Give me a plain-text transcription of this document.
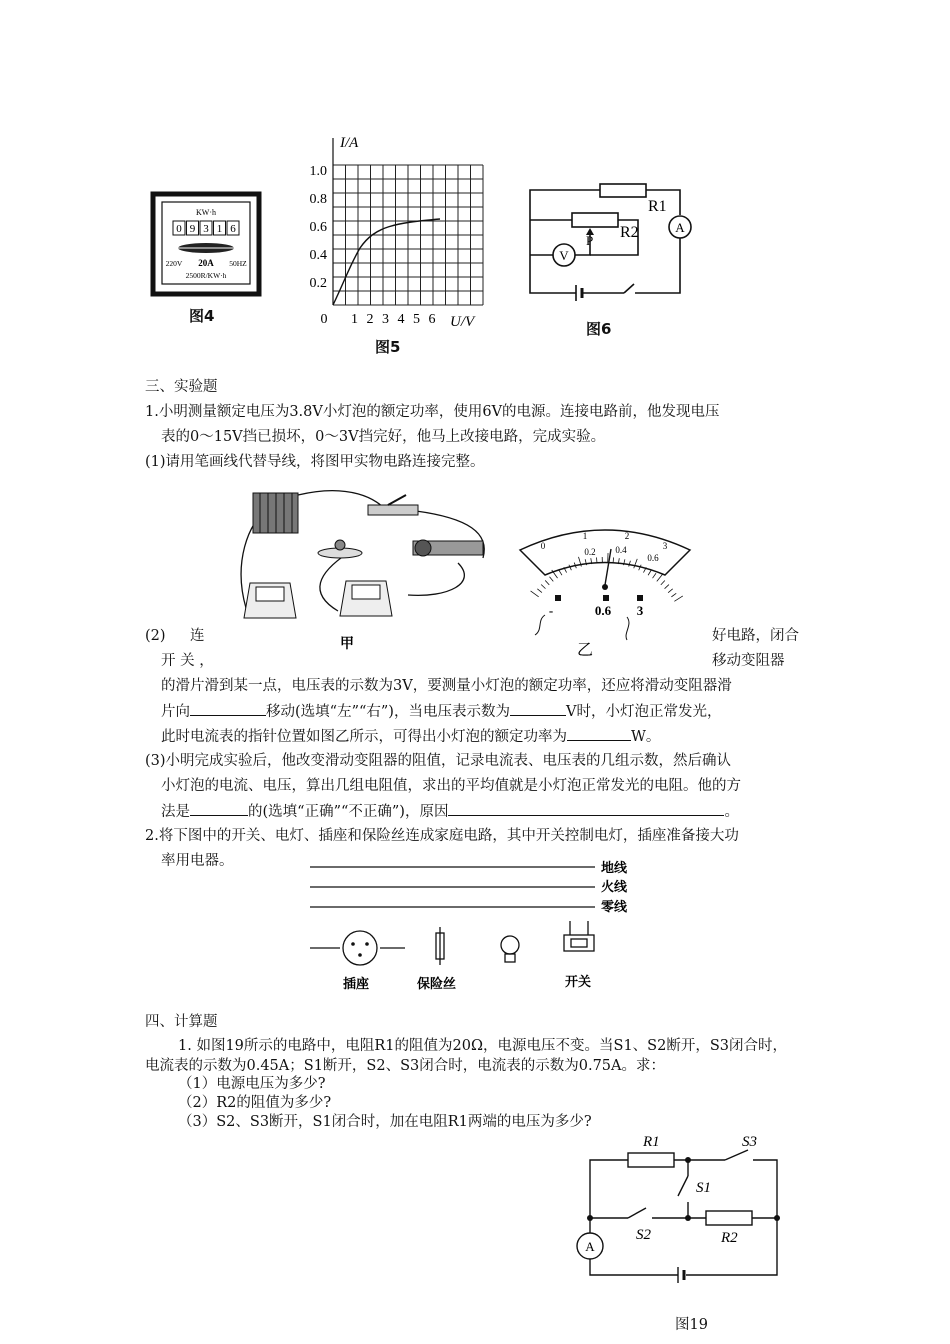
KW·h
0 9 3 1 6
220V 20A 50HZ
2500R/KW·h
图4
I/A
1.0
0.8
0.6
0.4
0.2
0 1 2 3 4 5 6 U/V
图5
R1
R2
P
A
V
图6
三、实验题
1.小明测量额定电压为3.8V小灯泡的额定功率，使用6V的电源。连接电路前，他发现电压
表的0～15V挡已损坏，0～3V挡完好，他马上改接电路，完成实验。
(1)请用笔画线代替导线，将图甲实物电路连接完整。
甲
0
1	2
3
0.2 0.4
0.6
-	0.6 3
乙
(2) 连	好电路，闭合
开 关 ，	移动变阻器
的滑片滑到某一点，电压表的示数为3V，要测量小灯泡的额定功率，还应将滑动变阻器滑
片向	移动(选填“左”“右”)，当电压表示数为	V时，小灯泡正常发光，
此时电流表的指针位置如图乙所示，可得出小灯泡的额定功率为	W。
(3)小明完成实验后，他改变滑动变阻器的阻值，记录电流表、电压表的几组示数，然后确认
小灯泡的电流、电压，算出几组电阻值，求出的平均值就是小灯泡正常发光的电阻。他的方
法是	的(选填“正确”“不正确”)，原因	。
2.将下图中的开关、电灯、插座和保险丝连成家庭电路，其中开关控制电灯，插座准备接大功
率用电器。	地线
火线
零线
插座	保险丝	开关
四、计算题
1. 如图19所示的电路中，电阻R1的阻值为20Ω，电源电压不变。当S1、S2断开，S3闭合时，
电流表的示数为0.45A；S1断开，S2、S3闭合时，电流表的示数为0.75A。求：
（1）电源电压为多少?
（2）R2的阻值为多少?
（3）S2、S3断开，S1闭合时，加在电阻R1两端的电压为多少?
R1	S3
S1
S2	R2
A
图19
